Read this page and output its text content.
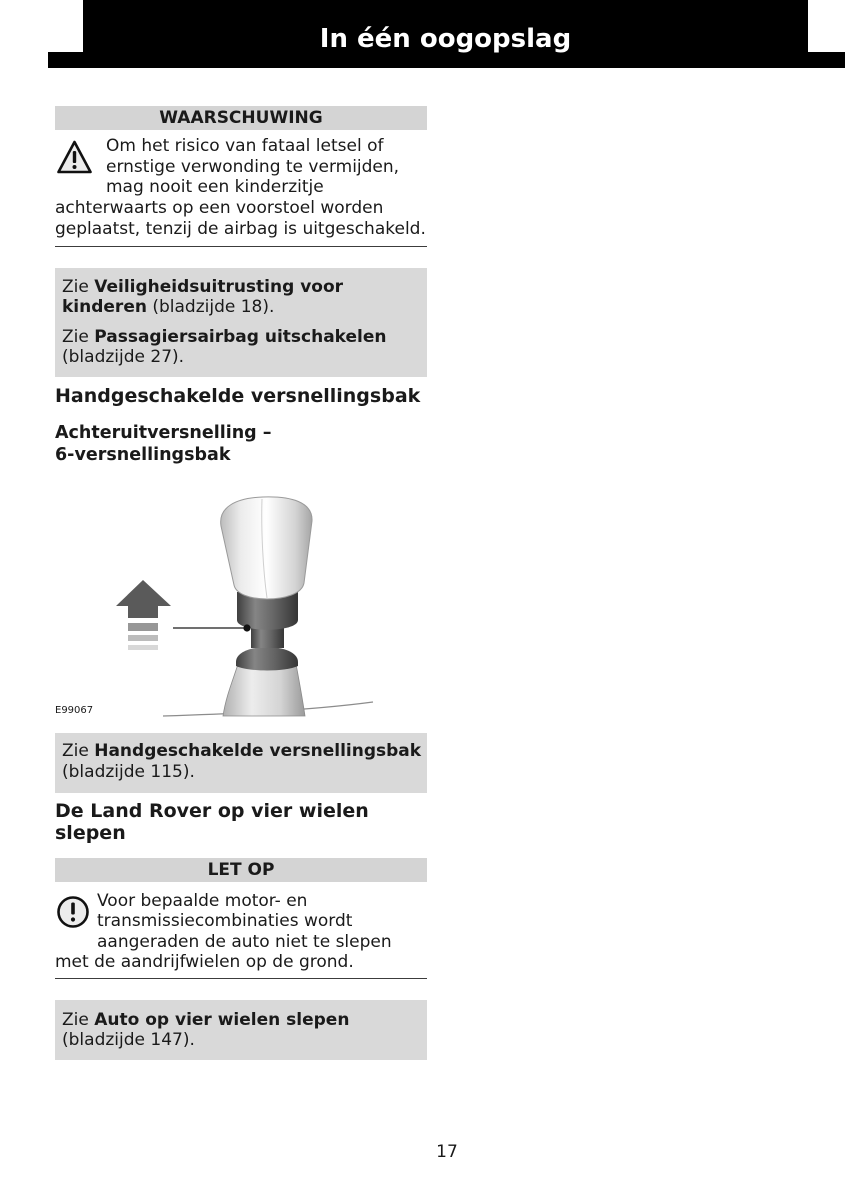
In één oogopslag
WAARSCHUWING
Om het risico van fataal letsel of
ernstige verwonding te vermijden,
mag nooit een kinderzitje
achterwaarts op een voorstoel worden
geplaatst, tenzij de airbag is uitgeschakeld.
Zie Veiligheidsuitrusting voor
kinderen (bladzijde 18).
Zie Passagiersairbag uitschakelen
(bladzijde 27).
Handgeschakelde versnellingsbak
Achteruitversnelling –
6-versnellingsbak
E99067
Zie Handgeschakelde versnellingsbak
(bladzijde 115).
De Land Rover op vier wielen
slepen
LET OP
Voor bepaalde motor- en
transmissiecombinaties wordt
aangeraden de auto niet te slepen
met de aandrijfwielen op de grond.
Zie Auto op vier wielen slepen
(bladzijde 147).
17
